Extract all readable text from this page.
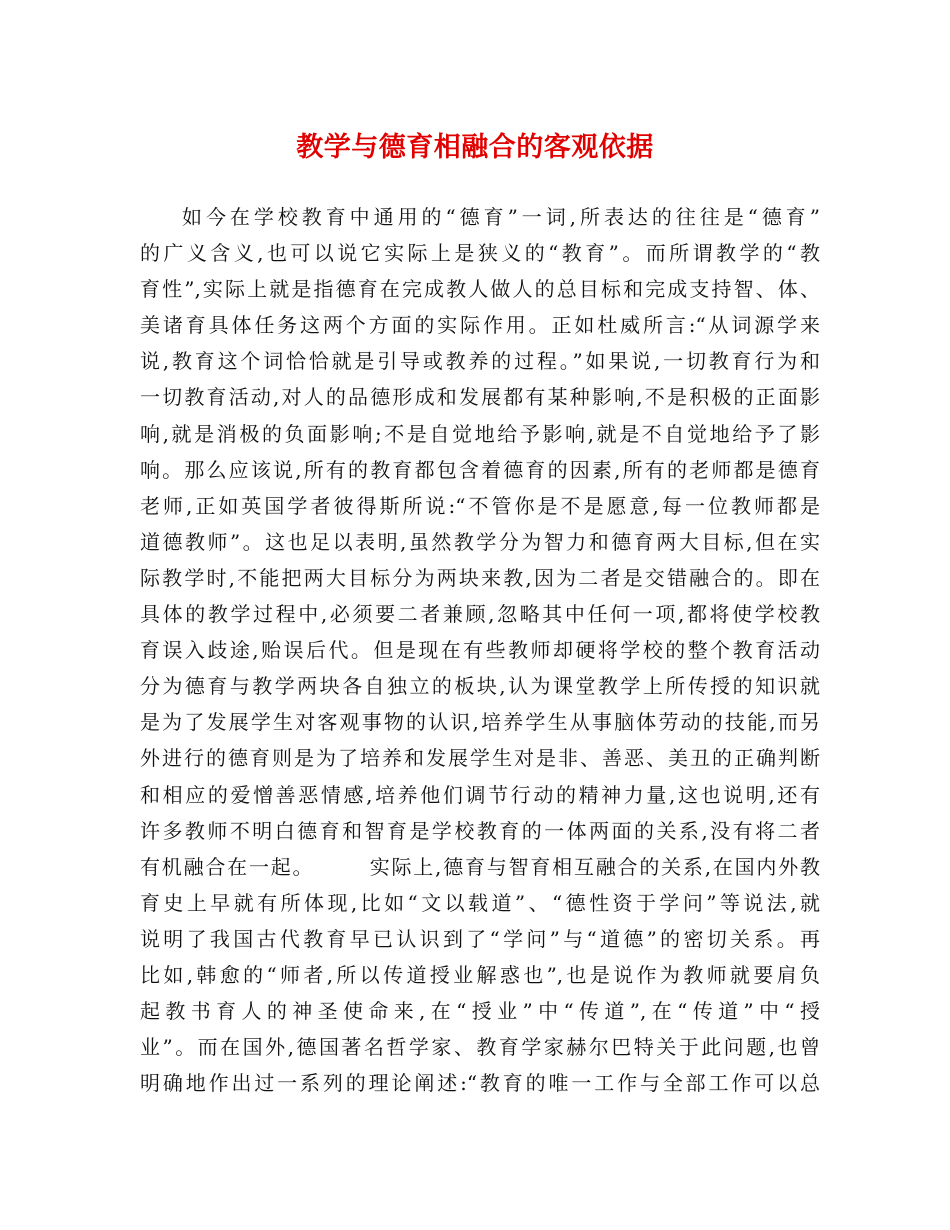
教学与德育相融合的客观依据
如今在学校教育中通用的“德育”一词,所表达的往往是“德育”
的广义含义,也可以说它实际上是狭义的“教育”。而所谓教学的“教
育性”,实际上就是指德育在完成教人做人的总目标和完成支持智、体、
美诸育具体任务这两个方面的实际作用。正如杜威所言:“从词源学来
说,教育这个词恰恰就是引导或教养的过程。”如果说,一切教育行为和
一切教育活动,对人的品德形成和发展都有某种影响,不是积极的正面影
响,就是消极的负面影响;不是自觉地给予影响,就是不自觉地给予了影
响。那么应该说,所有的教育都包含着德育的因素,所有的老师都是德育
老师,正如英国学者彼得斯所说:“不管你是不是愿意,每一位教师都是
道德教师”。这也足以表明,虽然教学分为智力和德育两大目标,但在实
际教学时,不能把两大目标分为两块来教,因为二者是交错融合的。即在
具体的教学过程中,必须要二者兼顾,忽略其中任何一项,都将使学校教
育误入歧途,贻误后代。但是现在有些教师却硬将学校的整个教育活动
分为德育与教学两块各自独立的板块,认为课堂教学上所传授的知识就
是为了发展学生对客观事物的认识,培养学生从事脑体劳动的技能,而另
外进行的德育则是为了培养和发展学生对是非、善恶、美丑的正确判断
和相应的爱憎善恶情感,培养他们调节行动的精神力量,这也说明,还有
许多教师不明白德育和智育是学校教育的一体两面的关系,没有将二者
有机融合在一起。　　　实际上,德育与智育相互融合的关系,在国内外教
育史上早就有所体现,比如“文以载道”、“德性资于学问”等说法,就
说明了我国古代教育早已认识到了“学问”与“道德”的密切关系。再
比如,韩愈的“师者,所以传道授业解惑也”,也是说作为教师就要肩负
起教书育人的神圣使命来,在“授业”中“传道”,在“传道”中“授
业”。而在国外,德国著名哲学家、教育学家赫尔巴特关于此问题,也曾
明确地作出过一系列的理论阐述:“教育的唯一工作与全部工作可以总
